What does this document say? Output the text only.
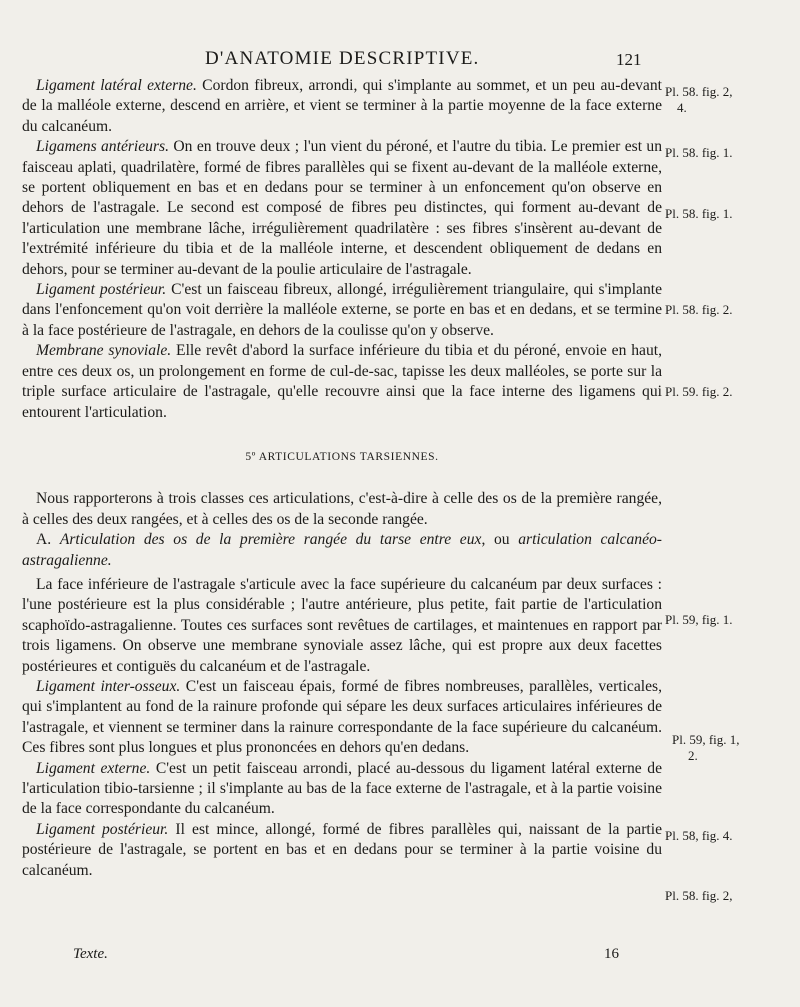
D'ANATOMIE DESCRIPTIVE.	121

Ligament latéral externe. Cordon fibreux, arrondi, qui s'implante au sommet, et un peu au-devant de la malléole externe, descend en arrière, et vient se terminer à la partie moyenne de la face externe du calcanéum.

Ligamens antérieurs. On en trouve deux ; l'un vient du péroné, et l'autre du tibia. Le premier est un faisceau aplati, quadrilatère, formé de fibres parallèles qui se fixent au-devant de la malléole externe, se portent obliquement en bas et en dedans pour se terminer à un enfoncement qu'on observe en dehors de l'astragale. Le second est composé de fibres peu distinctes, qui forment au-devant de l'articulation une membrane lâche, irrégulièrement quadrilatère : ses fibres s'insèrent au-devant de l'extrémité inférieure du tibia et de la malléole interne, et descendent obliquement de dedans en dehors, pour se terminer au-devant de la poulie articulaire de l'astragale.

Ligament postérieur. C'est un faisceau fibreux, allongé, irrégulièrement triangulaire, qui s'implante dans l'enfoncement qu'on voit derrière la malléole externe, se porte en bas et en dedans, et se termine à la face postérieure de l'astragale, en dehors de la coulisse qu'on y observe.

Membrane synoviale. Elle revêt d'abord la surface inférieure du tibia et du péroné, envoie en haut, entre ces deux os, un prolongement en forme de cul-de-sac, tapisse les deux malléoles, se porte sur la triple surface articulaire de l'astragale, qu'elle recouvre ainsi que la face interne des ligamens qui entourent l'articulation.

5º ARTICULATIONS TARSIENNES.

Nous rapporterons à trois classes ces articulations, c'est-à-dire à celle des os de la première rangée, à celles des deux rangées, et à celles des os de la seconde rangée.

A. Articulation des os de la première rangée du tarse entre eux, ou articulation calcanéo-astragalienne.

La face inférieure de l'astragale s'articule avec la face supérieure du calcanéum par deux surfaces : l'une postérieure est la plus considérable ; l'autre antérieure, plus petite, fait partie de l'articulation scaphoïdo-astragalienne. Toutes ces surfaces sont revêtues de cartilages, et maintenues en rapport par trois ligamens. On observe une membrane synoviale assez lâche, qui est propre aux deux facettes postérieures et contiguës du calcanéum et de l'astragale.

Ligament inter-osseux. C'est un faisceau épais, formé de fibres nombreuses, parallèles, verticales, qui s'implantent au fond de la rainure profonde qui sépare les deux surfaces articulaires inférieures de l'astragale, et viennent se terminer dans la rainure correspondante de la face supérieure du calcanéum. Ces fibres sont plus longues et plus prononcées en dehors qu'en dedans.

Ligament externe. C'est un petit faisceau arrondi, placé au-dessous du ligament latéral externe de l'articulation tibio-tarsienne ; il s'implante au bas de la face externe de l'astragale, et à la partie voisine de la face correspondante du calcanéum.

Ligament postérieur. Il est mince, allongé, formé de fibres parallèles qui, naissant de la partie postérieure de l'astragale, se portent en bas et en dedans pour se terminer à la partie voisine du calcanéum.

Pl. 58. fig. 2,
4.
Pl. 58. fig. 1.
Pl. 58. fig. 1.
Pl. 58. fig. 2.
Pl. 59. fig. 2.
Pl. 59, fig. 1.
Pl. 59, fig. 1,
2.
Pl. 58, fig. 4.
Pl. 58. fig. 2,
Texte.	16
